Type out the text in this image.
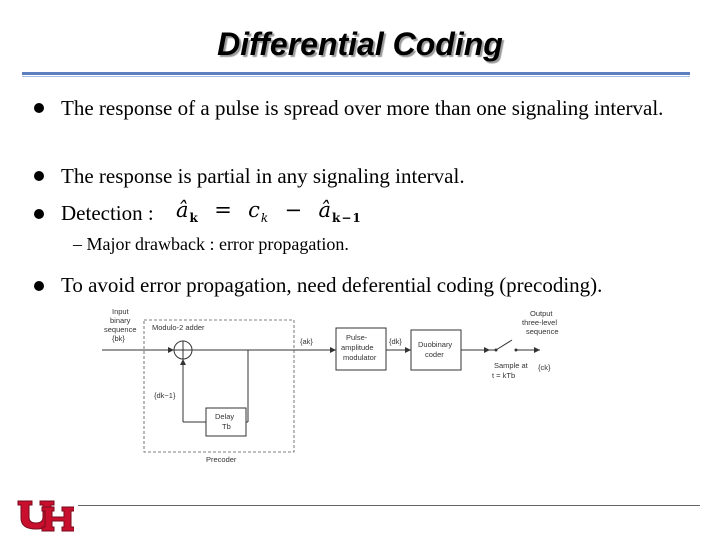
Differential Coding
The response of a pulse is spread over more than one signaling interval.
The response is partial in any signaling interval.
Detection : $â_k = c_k$  −  $â_{k-1}$
– Major drawback : error propagation.
To avoid error propagation, need deferential coding (precoding).
Input
binary
sequence
{bk}
Modulo-2 adder
Precoder
{ak}
Delay
Tb
{dk−1}
Pulse-
amplitude
modulator
{dk} Duobinary
coder
Sample at
t = kTb
Output
three-level
sequence
{ck}
